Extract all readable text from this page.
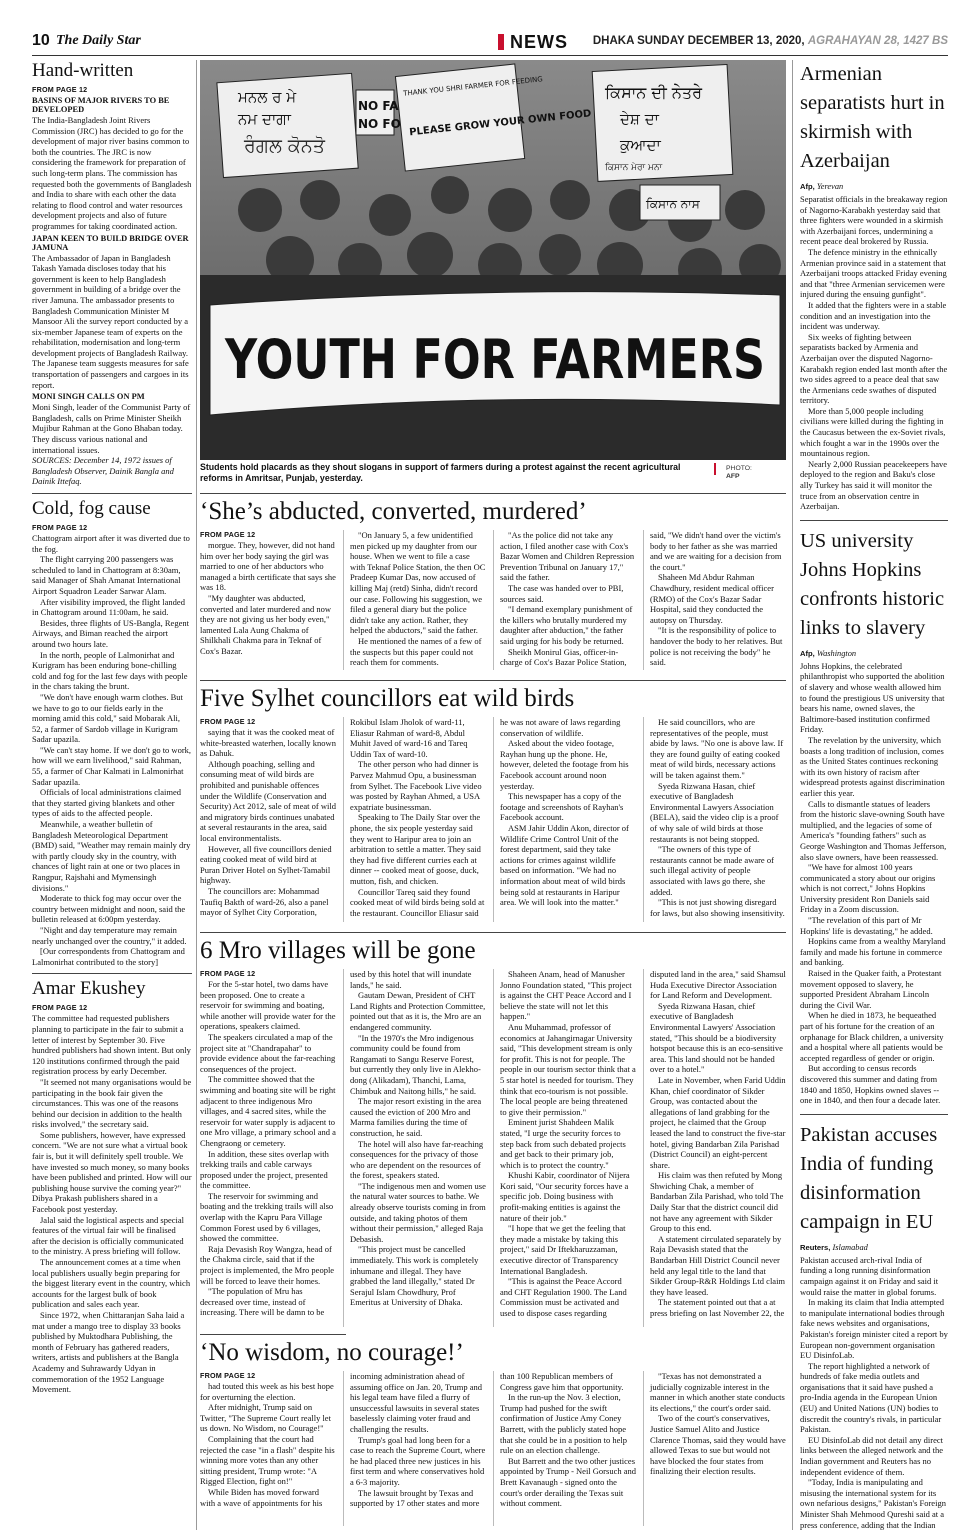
10 The Daily Star	NEWS DHAKA SUNDAY DECEMBER 13, 2020, AGRAHAYAN 28, 1427 BS
Hand-written
FROM PAGE 12
BASINS OF MAJOR RIVERS TO BE DEVELOPED

The India-Bangladesh Joint Rivers Commission (JRC) has decided to go for the development of major river basins common to both the countries. The JRC is now considering the framework for preparation of such long-term plans. The commission has requested both the governments of Bangladesh and India to share with each other the data relating to flood control and water resources development projects and also of future programmes for taking coordinated action.

JAPAN KEEN TO BUILD BRIDGE OVER JAMUNA

The Ambassador of Japan in Bangladesh Takash Yamada discloses today that his government is keen to help Bangladesh government in building of a bridge over the river Jamuna. The ambassador presents to Bangladesh Communication Minister M Mansoor Ali the survey report conducted by a six-member Japanese team of experts on the rehabilitation, modernisation and long-term development projects of Bangladesh Railway. The Japanese team suggests measures for safe transportation of passengers and cargoes in its report.

MONI SINGH CALLS ON PM

Moni Singh, leader of the Communist Party of Bangladesh, calls on Prime Minister Sheikh Mujibur Rahman at the Gono Bhaban today. They discuss various national and international issues.

SOURCES: December 14, 1972 issues of Bangladesh Observer, Dainik Bangla and Dainik Ittefaq.

Cold, fog cause
FROM PAGE 12

Chattogram airport after it was diverted due to the fog.

The flight carrying 200 passengers was scheduled to land in Chattogram at 8:30am, said Manager of Shah Amanat International Airport Squadron Leader Sarwar Alam.

After visibility improved, the flight landed in Chattogram around 11:00am, he said.

Besides, three flights of US-Bangla, Regent Airways, and Biman reached the airport around two hours late.

In the north, people of Lalmonirhat and Kurigram has been enduring bone-chilling cold and fog for the last few days with people in the chars taking the brunt.

"We don't have enough warm clothes. But we have to go to our fields early in the morning amid this cold," said Mobarak Ali, 52, a farmer of Sardob village in Kurigram Sadar upazila.

"We can't stay home. If we don't go to work, how will we earn livelihood," said Rahman, 55, a farmer of Char Kalmati in Lalmonirhat Sadar upazila.

Officials of local administrations claimed that they started giving blankets and other types of aids to the affected people.

Meanwhile, a weather bulletin of Bangladesh Meteorological Department (BMD) said, "Weather may remain mainly dry with partly cloudy sky in the country, with chances of light rain at one or two places in Rangpur, Rajshahi and Mymensingh divisions."

Moderate to thick fog may occur over the country between midnight and noon, said the bulletin released at 6:00pm yesterday.

"Night and day temperature may remain nearly unchanged over the country," it added.

[Our correspondents from Chattogram and Lalmonirhat contributed to the story]

Amar Ekushey
FROM PAGE 12

The committee had requested publishers planning to participate in the fair to submit a letter of interest by September 30. Five hundred publishers had shown intent. But only 120 institutions confirmed through the paid registration process by early December.

"It seemed not many organisations would be participating in the book fair given the circumstances. This was one of the reasons behind our decision in addition to the health risks involved," the secretary said.

Some publishers, however, have expressed concern. "We are not sure what a virtual book fair is, but it will definitely spell trouble. We have invested so much money, so many books have been published and printed. How will our publishing house survive the coming year?" Dibya Prakash publishers shared in a Facebook post yesterday.

Jalal said the logistical aspects and special features of the virtual fair will be finalised after the decision is officially communicated to the ministry. A press briefing will follow.

The announcement comes at a time when local publishers usually begin preparing for the biggest literary event in the country, which accounts for the largest bulk of book publication and sales each year.

Since 1972, when Chittaranjan Saha laid a mat under a mango tree to display 33 books published by Muktodhara Publishing, the month of February has gathered readers, writers, artists and publishers at the Bangla Academy and Suhrawardy Udyan in commemoration of the 1952 Language Movement.

ਮਨਲ ਰ ਮੇ
ਨਮ ਦਾਗਾ
ਰੰਗਲ ਕੋਨਤੋ
NO FA
NO FO
THANK YOU SHRI FARMER FOR FEEDING
PLEASE GROW YOUR OWN FOOD
ਕਿਸਾਨ ਦੀ ਨੇਤਰੇ
ਦੇਸ਼ ਦਾ
ਕੁਆਦਾ
ਕਿਸਾਨ ਮੇਰਾ ਮਨਾ
ਕਿਸਾਨ ਨਾਸ
YOUTH FOR FARMERS
Students hold placards as they shout slogans in support of farmers during a protest against the recent agricultural reforms in Amritsar, Punjab, yesterday.
PHOTO:
AFP
‘She’s abducted, converted, murdered’
FROM PAGE 12

morgue. They, however, did not hand him over her body saying the girl was married to one of her abductors who managed a birth certificate that says she was 18.

"My daughter was abducted, converted and later murdered and now they are not giving us her body even," lamented Lala Aung Chakma of Shilkhali Chakma para in Teknaf of Cox's Bazar.

"On January 5, a few unidentified men picked up my daughter from our house. When we went to file a case with Teknaf Police Station, the then OC Pradeep Kumar Das, now accused of killing Maj (retd) Sinha, didn't record our case. Following his suggestion, we filed a general diary but the police didn't take any action. Rather, they helped the abductors," said the father.

He mentioned the names of a few of the suspects but this paper could not reach them for comments.

"As the police did not take any action, I filed another case with Cox's Bazar Women and Children Repression Prevention Tribunal on January 17," said the father.

The case was handed over to PBI, sources said.

"I demand exemplary punishment of the killers who brutally murdered my daughter after abduction," the father said urging for his body be returned.

Sheikh Monirul Gias, officer-in-charge of Cox's Bazar Police Station, said, "We didn't hand over the victim's body to her father as she was married and we are waiting for a decision from the court."

Shaheen Md Abdur Rahman Chawdhury, resident medical officer (RMO) of the Cox's Bazar Sadar Hospital, said they conducted the autopsy on Thursday.

"It is the responsibility of police to handover the body to her relatives. But police is not receiving the body" he said.

Five Sylhet councillors eat wild birds
FROM PAGE 12

saying that it was the cooked meat of white-breasted waterhen, locally known as Dahuk.

Although poaching, selling and consuming meat of wild birds are prohibited and punishable offences under the Wildlife (Conservation and Security) Act 2012, sale of meat of wild and migratory birds continues unabated at several restaurants in the area, said local environmentalists.

However, all five councillors denied eating cooked meat of wild bird at Puran Driver Hotel on Sylhet-Tamabil highway.

The councillors are: Mohammad Taufiq Bakth of ward-26, also a panel mayor of Sylhet City Corporation, Rokibul Islam Jholok of ward-11, Eliasur Rahman of ward-8, Abdul Muhit Javed of ward-16 and Tareq Uddin Tax of ward-10.

The other person who had dinner is Parvez Mahmud Opu, a businessman from Sylhet. The Facebook Live video was posted by Rayhan Ahmed, a USA expatriate businessman.

Speaking to The Daily Star over the phone, the six people yesterday said they went to Haripur area to join an arbitration to settle a matter. They said they had five different curries each at dinner -- cooked meat of goose, duck, mutton, fish, and chicken.

Councillor Tareq said they found cooked meat of wild birds being sold at the restaurant. Councillor Eliasur said he was not aware of laws regarding conservation of wildlife.

Asked about the video footage, Rayhan hung up the phone. He, however, deleted the footage from his Facebook account around noon yesterday.

This newspaper has a copy of the footage and screenshots of Rayhan's Facebook account.

ASM Jahir Uddin Akon, director of Wildlife Crime Control Unit of the forest department, said they take actions for crimes against wildlife based on information. "We had no information about meat of wild birds being sold at restaurants in Haripur area. We will look into the matter."

He said councillors, who are representatives of the people, must abide by laws. "No one is above law. If they are found guilty of eating cooked meat of wild birds, necessary actions will be taken against them."

Syeda Rizwana Hasan, chief executive of Bangladesh Environmental Lawyers Association (BELA), said the video clip is a proof of why sale of wild birds at those restaurants is not being stopped.

"The owners of this type of restaurants cannot be made aware of such illegal activity of people associated with laws go there, she added.

"This is not just showing disregard for laws, but also showing insensitivity.

6 Mro villages will be gone
FROM PAGE 12

For the 5-star hotel, two dams have been proposed. One to create a reservoir for swimming and boating, while another will provide water for the operations, speakers claimed.

The speakers circulated a map of the project site at "Chandrapahar" to provide evidence about the far-reaching consequences of the project.

The committee showed that the swimming and boating site will be right adjacent to three indigenous Mro villages, and 4 sacred sites, while the reservoir for water supply is adjacent to one Mro village, a primary school and a Chengraong or cemetery.

In addition, these sites overlap with trekking trails and cable carways proposed under the project, presented the committee.

The reservoir for swimming and boating and the trekking trails will also overlap with the Kapru Para Village Common Forest used by 6 villages, showed the committee.

Raja Devasish Roy Wangza, head of the Chakma circle, said that if the project is implemented, the Mro people will be forced to leave their homes.

"The population of Mru has decreased over time, instead of increasing. There will be damn to be used by this hotel that will inundate lands," he said.

Gautam Dewan, President of CHT Land Rights and Protection Committee, pointed out that as it is, the Mro are an endangered community.

"In the 1970's the Mro indigenous community could be found from Rangamati to Sangu Reserve Forest, but currently they only live in Alekho-dong (Alikadam), Thanchi, Lama, Chimbuk and Naitong hills," he said.

The major resort existing in the area caused the eviction of 200 Mro and Marma families during the time of construction, he said.

The hotel will also have far-reaching consequences for the privacy of those who are dependent on the resources of the forest, speakers stated.

"The indigenous men and women use the natural water sources to bathe. We already observe tourists coming in from outside, and taking photos of them without their permission," alleged Raja Debasish.

"This project must be cancelled immediately. This work is completely inhumane and illegal. They have grabbed the land illegally," stated Dr Serajul Islam Chowdhury, Prof Emeritus at University of Dhaka.

Shaheen Anam, head of Manusher Jonno Foundation stated, "This project is against the CHT Peace Accord and I believe the state will not let this happen."

Anu Muhammad, professor of economics at Jahangirnagar University said, "This development stream is only for profit. This is not for people. The people in our tourism sector think that a 5 star hotel is needed for tourism. They think that eco-tourism is not possible. The local people are being threatened to give their permission."

Eminent jurist Shahdeen Malik stated, "I urge the security forces to step back from such debated projects and get back to their primary job, which is to protect the country."

Khushi Kabir, coordinator of Nijera Kori said, "Our security forces have a specific job. Doing business with profit-making entities is against the nature of their job."

"I hope that we get the feeling that they made a mistake by taking this project," said Dr Iftekharuzzaman, executive director of Transparency International Bangladesh.

"This is against the Peace Accord and CHT Regulation 1900. The Land Commission must be activated and used to dispose cases regarding disputed land in the area," said Shamsul Huda Executive Director Association for Land Reform and Development.

Syeda Rizwana Hasan, chief executive of Bangladesh Environmental Lawyers' Association stated, "This should be a biodiversity hotspot because this is an eco-sensitive area. This land should not be handed over to a hotel."

Late in November, when Farid Uddin Khan, chief coordinator of Sikder Group, was contacted about the allegations of land grabbing for the project, he claimed that the Group leased the land to construct the five-star hotel, giving Bandarban Zila Parishad (District Council) an eight-percent share.

His claim was then refuted by Mong Shwiching Chak, a member of Bandarban Zila Parishad, who told The Daily Star that the district council did not have any agreement with Sikder Group to this end.

A statement circulated separately by Raja Devasish stated that the Bandarban Hill District Council never held any legal title to the land that Sikder Group-R&R Holdings Ltd claim they have leased.

The statement pointed out that a at press briefing on last November 22, the

‘No wisdom, no courage!’
FROM PAGE 12

had touted this week as his best hope for overturning the election.

After midnight, Trump said on Twitter, "The Supreme Court really let us down. No Wisdom, no Courage!"

Complaining that the court had rejected the case "in a flash" despite his winning more votes than any other sitting president, Trump wrote: "A Rigged Election, fight on!"

While Biden has moved forward with a wave of appointments for his incoming administration ahead of assuming office on Jan. 20, Trump and his legal team have filed a flurry of unsuccessful lawsuits in several states baselessly claiming voter fraud and challenging the results.

Trump's goal had long been for a case to reach the Supreme Court, where he had placed three new justices in his first term and where conservatives hold a 6-3 majority.

The lawsuit brought by Texas and supported by 17 other states and more than 100 Republican members of Congress gave him that opportunity.

In the run-up the Nov. 3 election, Trump had pushed for the swift confirmation of Justice Amy Coney Barrett, with the publicly stated hope that she could be in a position to help rule on an election challenge.

But Barrett and the two other justices appointed by Trump - Neil Gorsuch and Brett Kavanaugh - signed onto the court's order derailing the Texas suit without comment.

"Texas has not demonstrated a judicially cognizable interest in the manner in which another state conducts its elections," the court's order said.

Two of the court's conservatives, Justice Samuel Alito and Justice Clarence Thomas, said they would have allowed Texas to sue but would not have blocked the four states from finalizing their election results.

Armenian separatists hurt in skirmish with Azerbaijan
Afp, Yerevan

Separatist officials in the breakaway region of Nagorno-Karabakh yesterday said that three fighters were wounded in a skirmish with Azerbaijani forces, undermining a recent peace deal brokered by Russia.

The defence ministry in the ethnically Armenian province said in a statement that Azerbaijani troops attacked Friday evening and that "three Armenian servicemen were injured during the ensuing gunfight".

It added that the fighters were in a stable condition and an investigation into the incident was underway.

Six weeks of fighting between separatists backed by Armenia and Azerbaijan over the disputed Nagorno-Karabakh region ended last month after the two sides agreed to a peace deal that saw the Armenians cede swathes of disputed territory.

More than 5,000 people including civilians were killed during the fighting in the Caucasus between the ex-Soviet rivals, which fought a war in the 1990s over the mountainous region.

Nearly 2,000 Russian peacekeepers have deployed to the region and Baku's close ally Turkey has said it will monitor the truce from an observation centre in Azerbaijan.

US university Johns Hopkins confronts historic links to slavery
Afp, Washington

Johns Hopkins, the celebrated philanthropist who supported the abolition of slavery and whose wealth allowed him to found the prestigious US university that bears his name, owned slaves, the Baltimore-based institution confirmed Friday.

The revelation by the university, which boasts a long tradition of inclusion, comes as the United States continues reckoning with its own history of racism after widespread protests against discrimination earlier this year.

Calls to dismantle statues of leaders from the historic slave-owning South have multiplied, and the legacies of some of America's "founding fathers" such as George Washington and Thomas Jefferson, also slave owners, have been reassessed.

"We have for almost 100 years communicated a story about our origins which is not correct," Johns Hopkins University president Ron Daniels said Friday in a Zoom discussion.

"The revelation of this part of Mr Hopkins' life is devastating," he added.

Hopkins came from a wealthy Maryland family and made his fortune in commerce and banking.

Raised in the Quaker faith, a Protestant movement opposed to slavery, he supported President Abraham Lincoln during the Civil War.

When he died in 1873, he bequeathed part of his fortune for the creation of an orphanage for Black children, a university and a hospital where all patients would be accepted regardless of gender or origin.

But according to census records discovered this summer and dating from 1840 and 1850, Hopkins owned slaves -- one in 1840, and then four a decade later.

Pakistan accuses India of funding disinformation campaign in EU
Reuters, Islamabad

Pakistan accused arch-rival India of funding a long running disinformation campaign against it on Friday and said it would raise the matter in global forums.

In making its claim that India attempted to manipulate international bodies through fake news websites and organisations, Pakistan's foreign minister cited a report by European non-government organisation EU DisinfoLab.

The report highlighted a network of hundreds of fake media outlets and organisations that it said have pushed a pro-India agenda in the European Union (EU) and United Nations (UN) bodies to discredit the country's rivals, in particular Pakistan.

EU DisinfoLab did not detail any direct links between the alleged network and the Indian government and Reuters has no independent evidence of them.

"Today, India is manipulating and misusing the international system for its own nefarious designs," Pakistan's Foreign Minister Shah Mehmood Qureshi said at a press conference, adding that the Indian
